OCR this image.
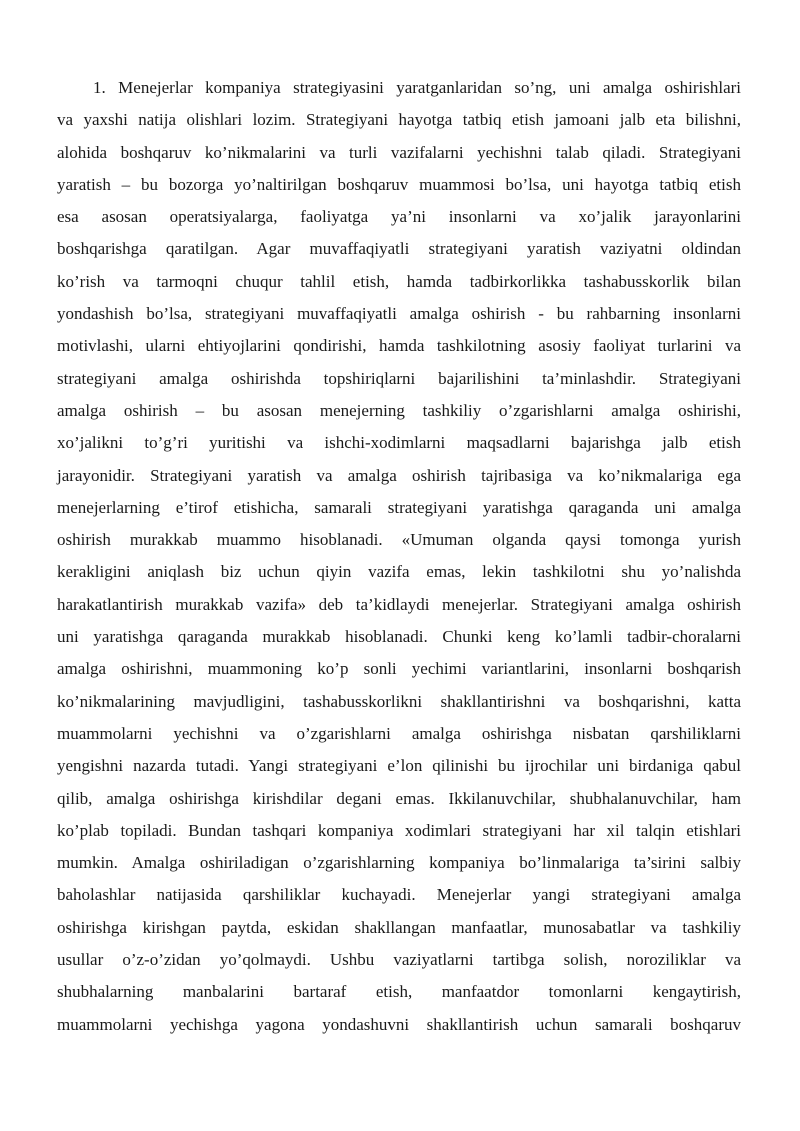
1. Menejerlar kompaniya strategiyasini yaratganlaridan so’ng, uni amalga oshirishlari
va yaxshi natija olishlari lozim. Strategiyani hayotga tatbiq etish jamoani jalb eta bilishni,
alohida boshqaruv ko’nikmalarini va turli vazifalarni yechishni talab qiladi. Strategiyani
yaratish – bu bozorga yo’naltirilgan boshqaruv muammosi bo’lsa, uni hayotga tatbiq etish
esa asosan operatsiyalarga, faoliyatga ya’ni insonlarni va xo’jalik jarayonlarini
boshqarishga qaratilgan. Agar muvaffaqiyatli strategiyani yaratish vaziyatni oldindan
ko’rish va tarmoqni chuqur tahlil etish, hamda tadbirkorlikka tashabusskorlik bilan
yondashish bo’lsa, strategiyani muvaffaqiyatli amalga oshirish - bu rahbarning insonlarni
motivlashi, ularni ehtiyojlarini qondirishi, hamda tashkilotning asosiy faoliyat turlarini va
strategiyani amalga oshirishda topshiriqlarni bajarilishini ta’minlashdir. Strategiyani
amalga oshirish – bu asosan menejerning tashkiliy o’zgarishlarni amalga oshirishi,
xo’jalikni to’g’ri yuritishi va ishchi-xodimlarni maqsadlarni bajarishga jalb etish
jarayonidir. Strategiyani yaratish va amalga oshirish tajribasiga va ko’nikmalariga ega
menejerlarning e’tirof etishicha, samarali strategiyani yaratishga qaraganda uni amalga
oshirish murakkab muammo hisoblanadi. «Umuman olganda qaysi tomonga yurish
kerakligini aniqlash biz uchun qiyin vazifa emas, lekin tashkilotni shu yo’nalishda
harakatlantirish murakkab vazifa» deb ta’kidlaydi menejerlar. Strategiyani amalga oshirish
uni yaratishga qaraganda murakkab hisoblanadi. Chunki keng ko’lamli tadbir-choralarni
amalga oshirishni, muammoning ko’p sonli yechimi variantlarini, insonlarni boshqarish
ko’nikmalarining mavjudligini, tashabusskorlikni shakllantirishni va boshqarishni, katta
muammolarni yechishni va o’zgarishlarni amalga oshirishga nisbatan qarshiliklarni
yengishni nazarda tutadi. Yangi strategiyani e’lon qilinishi bu ijrochilar uni birdaniga qabul
qilib, amalga oshirishga kirishdilar degani emas. Ikkilanuvchilar, shubhalanuvchilar, ham
ko’plab topiladi. Bundan tashqari kompaniya xodimlari strategiyani har xil talqin etishlari
mumkin. Amalga oshiriladigan o’zgarishlarning kompaniya bo’linmalariga ta’sirini salbiy
baholashlar natijasida qarshiliklar kuchayadi. Menejerlar yangi strategiyani amalga
oshirishga kirishgan paytda, eskidan shakllangan manfaatlar, munosabatlar va tashkiliy
usullar o’z-o’zidan yo’qolmaydi. Ushbu vaziyatlarni tartibga solish, noroziliklar va
shubhalarning manbalarini bartaraf etish, manfaatdor tomonlarni kengaytirish,
muammolarni yechishga yagona yondashuvni shakllantirish uchun samarali boshqaruv
